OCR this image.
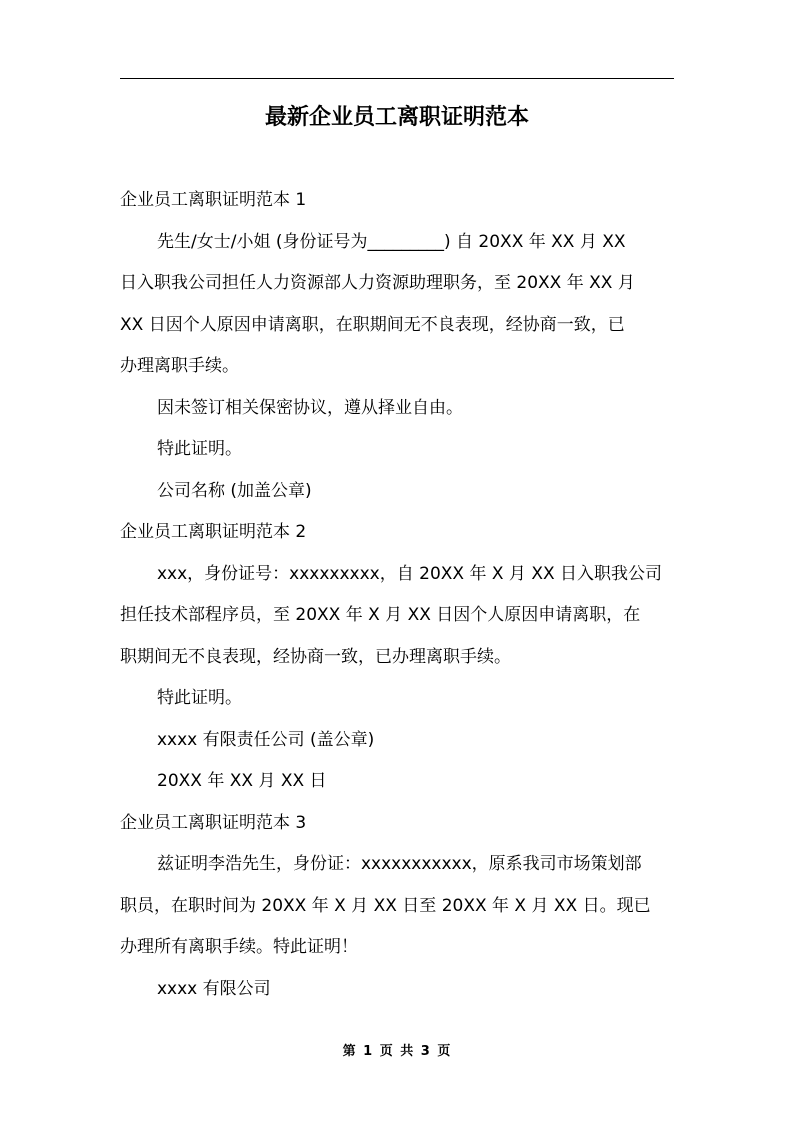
最新企业员工离职证明范本

企业员工离职证明范本 1

先生/女士/小姐 (身份证号为_________) 自 20XX 年 XX 月 XX

日入职我公司担任人力资源部人力资源助理职务，至 20XX 年 XX 月

XX 日因个人原因申请离职，在职期间无不良表现，经协商一致，已

办理离职手续。

因未签订相关保密协议，遵从择业自由。

特此证明。

公司名称 (加盖公章)

企业员工离职证明范本 2

xxx，身份证号：xxxxxxxxx，自 20XX 年 X 月 XX 日入职我公司

担任技术部程序员，至 20XX 年 X 月 XX 日因个人原因申请离职，在

职期间无不良表现，经协商一致，已办理离职手续。

特此证明。

xxxx 有限责任公司 (盖公章)

20XX 年 XX 月 XX 日

企业员工离职证明范本 3

兹证明李浩先生，身份证：xxxxxxxxxxx，原系我司市场策划部

职员，在职时间为 20XX 年 X 月 XX 日至 20XX 年 X 月 XX 日。现已

办理所有离职手续。特此证明！

xxxx 有限公司

第 1 页 共 3 页
